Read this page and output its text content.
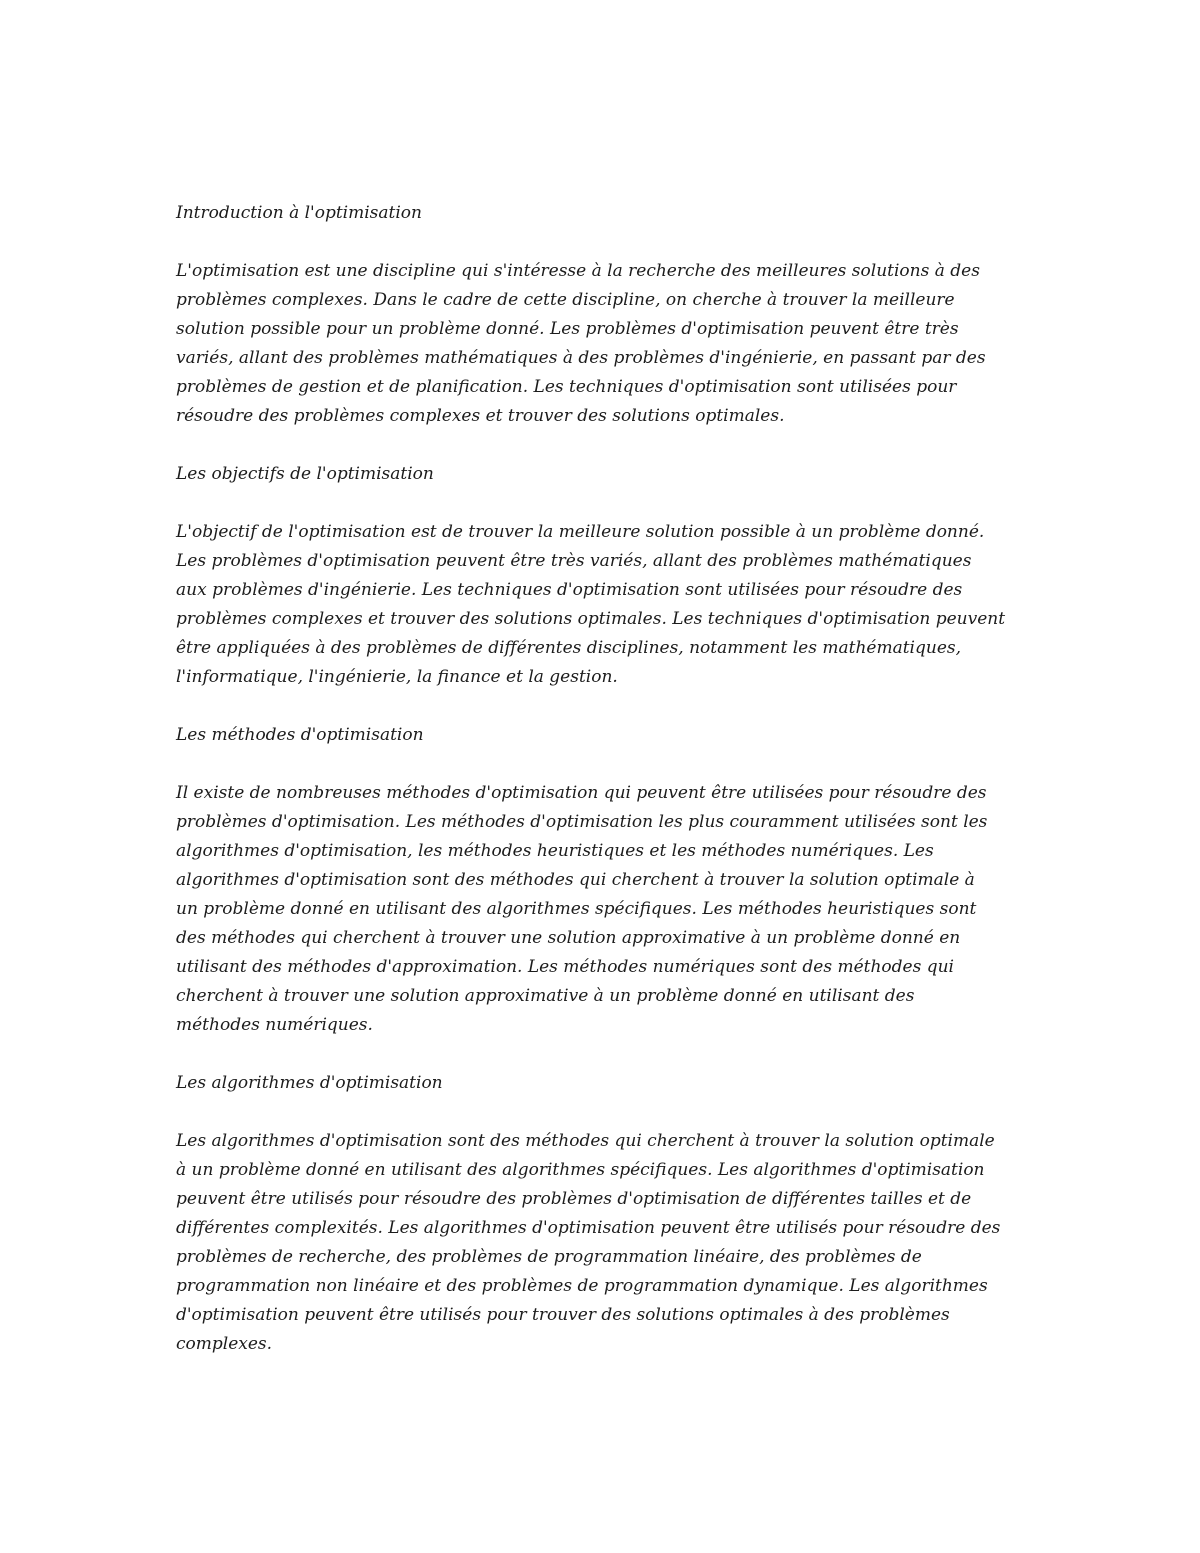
Introduction à l'optimisation
L'optimisation est une discipline qui s'intéresse à la recherche des meilleures solutions à des
problèmes complexes. Dans le cadre de cette discipline, on cherche à trouver la meilleure
solution possible pour un problème donné. Les problèmes d'optimisation peuvent être très
variés, allant des problèmes mathématiques à des problèmes d'ingénierie, en passant par des
problèmes de gestion et de planification. Les techniques d'optimisation sont utilisées pour
résoudre des problèmes complexes et trouver des solutions optimales.
Les objectifs de l'optimisation
L'objectif de l'optimisation est de trouver la meilleure solution possible à un problème donné.
Les problèmes d'optimisation peuvent être très variés, allant des problèmes mathématiques
aux problèmes d'ingénierie. Les techniques d'optimisation sont utilisées pour résoudre des
problèmes complexes et trouver des solutions optimales. Les techniques d'optimisation peuvent
être appliquées à des problèmes de différentes disciplines, notamment les mathématiques,
l'informatique, l'ingénierie, la finance et la gestion.
Les méthodes d'optimisation
Il existe de nombreuses méthodes d'optimisation qui peuvent être utilisées pour résoudre des
problèmes d'optimisation. Les méthodes d'optimisation les plus couramment utilisées sont les
algorithmes d'optimisation, les méthodes heuristiques et les méthodes numériques. Les
algorithmes d'optimisation sont des méthodes qui cherchent à trouver la solution optimale à
un problème donné en utilisant des algorithmes spécifiques. Les méthodes heuristiques sont
des méthodes qui cherchent à trouver une solution approximative à un problème donné en
utilisant des méthodes d'approximation. Les méthodes numériques sont des méthodes qui
cherchent à trouver une solution approximative à un problème donné en utilisant des
méthodes numériques.
Les algorithmes d'optimisation
Les algorithmes d'optimisation sont des méthodes qui cherchent à trouver la solution optimale
à un problème donné en utilisant des algorithmes spécifiques. Les algorithmes d'optimisation
peuvent être utilisés pour résoudre des problèmes d'optimisation de différentes tailles et de
différentes complexités. Les algorithmes d'optimisation peuvent être utilisés pour résoudre des
problèmes de recherche, des problèmes de programmation linéaire, des problèmes de
programmation non linéaire et des problèmes de programmation dynamique. Les algorithmes
d'optimisation peuvent être utilisés pour trouver des solutions optimales à des problèmes
complexes.
